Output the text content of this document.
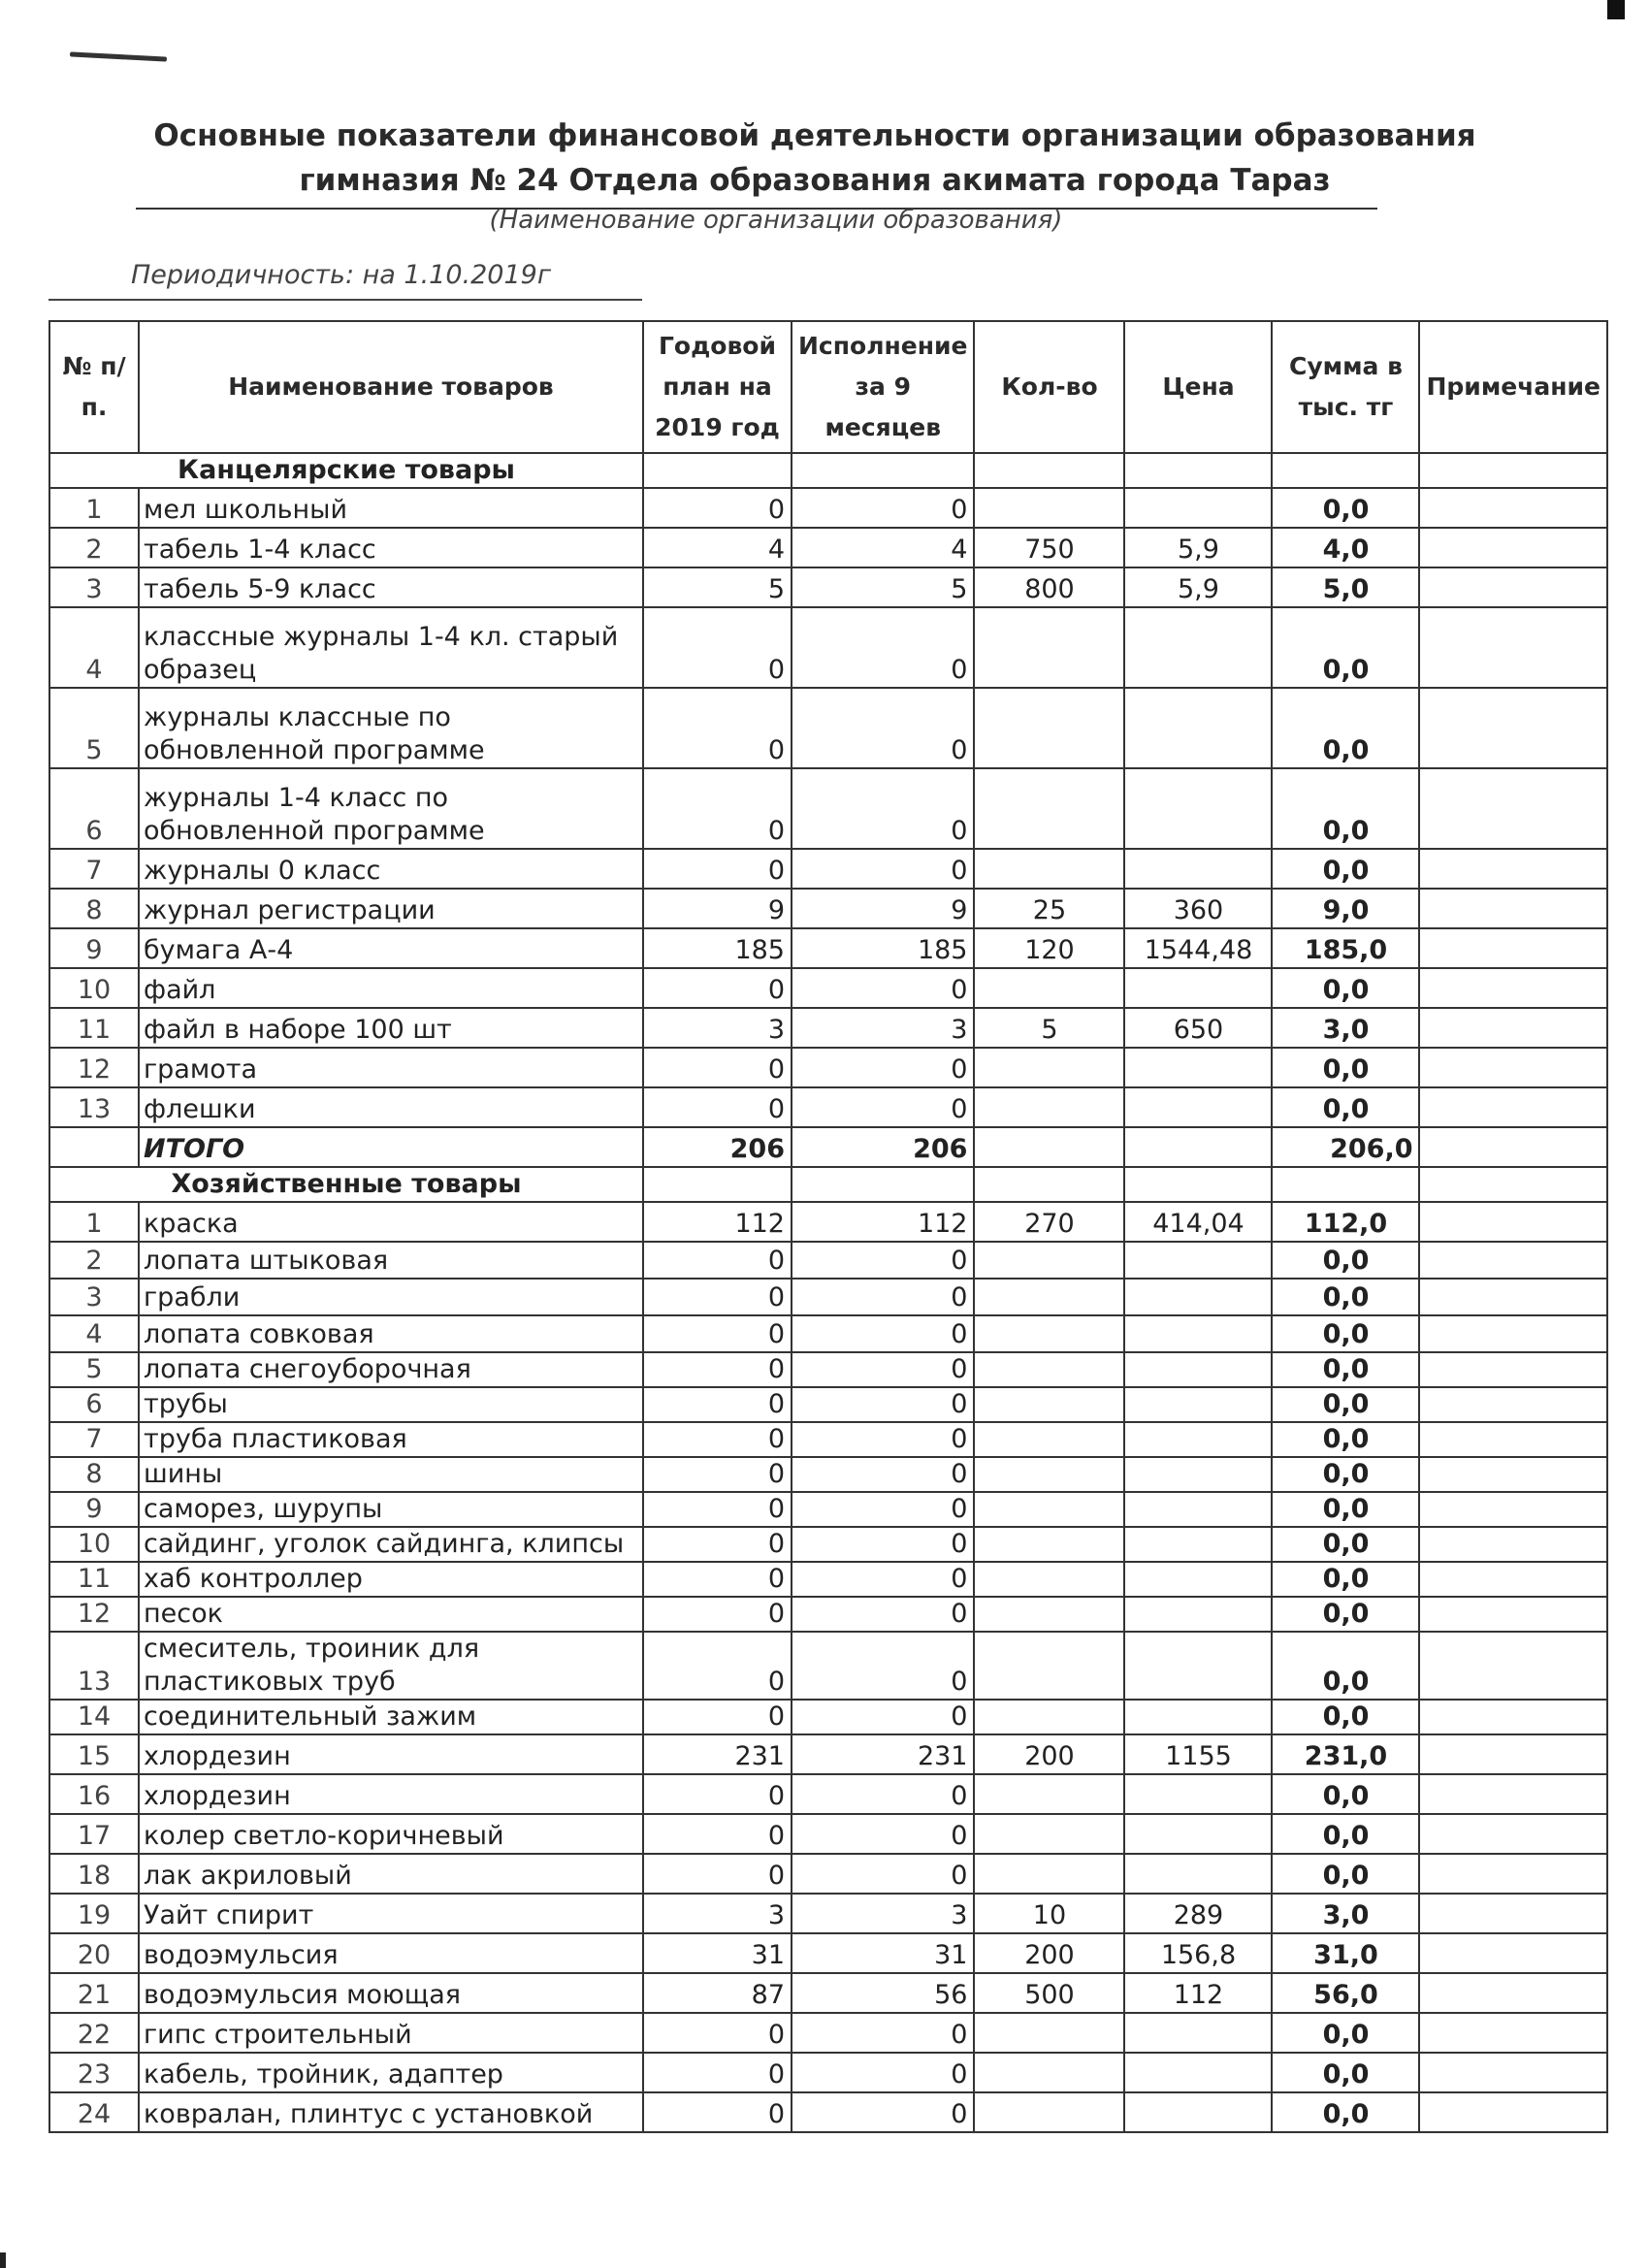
Основные показатели финансовой деятельности организации образования
гимназия № 24 Отдела образования акимата города Тараз
(Наименование организации образования)
Периодичность: на 1.10.2019г
№ п/п.	Наименование товаров	Годовой план на 2019 год	Исполнение за 9 месяцев	Кол-во	Цена	Сумма в тыс. тг	Примечание
Канцелярские товары							
1	мел школьный	0	0			0,0	
2	табель 1-4 класс	4	4	750	5,9	4,0	
3	табель 5-9 класс	5	5	800	5,9	5,0	
4	классные журналы 1-4 кл. старый образец	0	0			0,0	
5	журналы классные по обновленной программе	0	0			0,0	
6	журналы 1-4 класс по обновленной программе	0	0			0,0	
7	журналы 0 класс	0	0			0,0	
8	журнал регистрации	9	9	25	360	9,0	
9	бумага А-4	185	185	120	1544,48	185,0	
10	файл	0	0			0,0	
11	файл в наборе 100 шт	3	3	5	650	3,0	
12	грамота	0	0			0,0	
13	флешки	0	0			0,0	
	ИТОГО	206	206			206,0	
Хозяйственные товары							
1	краска	112	112	270	414,04	112,0	
2	лопата штыковая	0	0			0,0	
3	грабли	0	0			0,0	
4	лопата совковая	0	0			0,0	
5	лопата снегоуборочная	0	0			0,0	
6	трубы	0	0			0,0	
7	труба пластиковая	0	0			0,0	
8	шины	0	0			0,0	
9	саморез, шурупы	0	0			0,0	
10	сайдинг, уголок сайдинга, клипсы	0	0			0,0	
11	хаб контроллер	0	0			0,0	
12	песок	0	0			0,0	
13	смеситель, троиник для пластиковых труб	0	0			0,0	
14	соединительный зажим	0	0			0,0	
15	хлордезин	231	231	200	1155	231,0	
16	хлордезин	0	0			0,0	
17	колер светло-коричневый	0	0			0,0	
18	лак акриловый	0	0			0,0	
19	Уайт спирит	3	3	10	289	3,0	
20	водоэмульсия	31	31	200	156,8	31,0	
21	водоэмульсия моющая	87	56	500	112	56,0	
22	гипс строительный	0	0			0,0	
23	кабель, тройник, адаптер	0	0			0,0	
24	ковралан, плинтус с установкой	0	0			0,0	
